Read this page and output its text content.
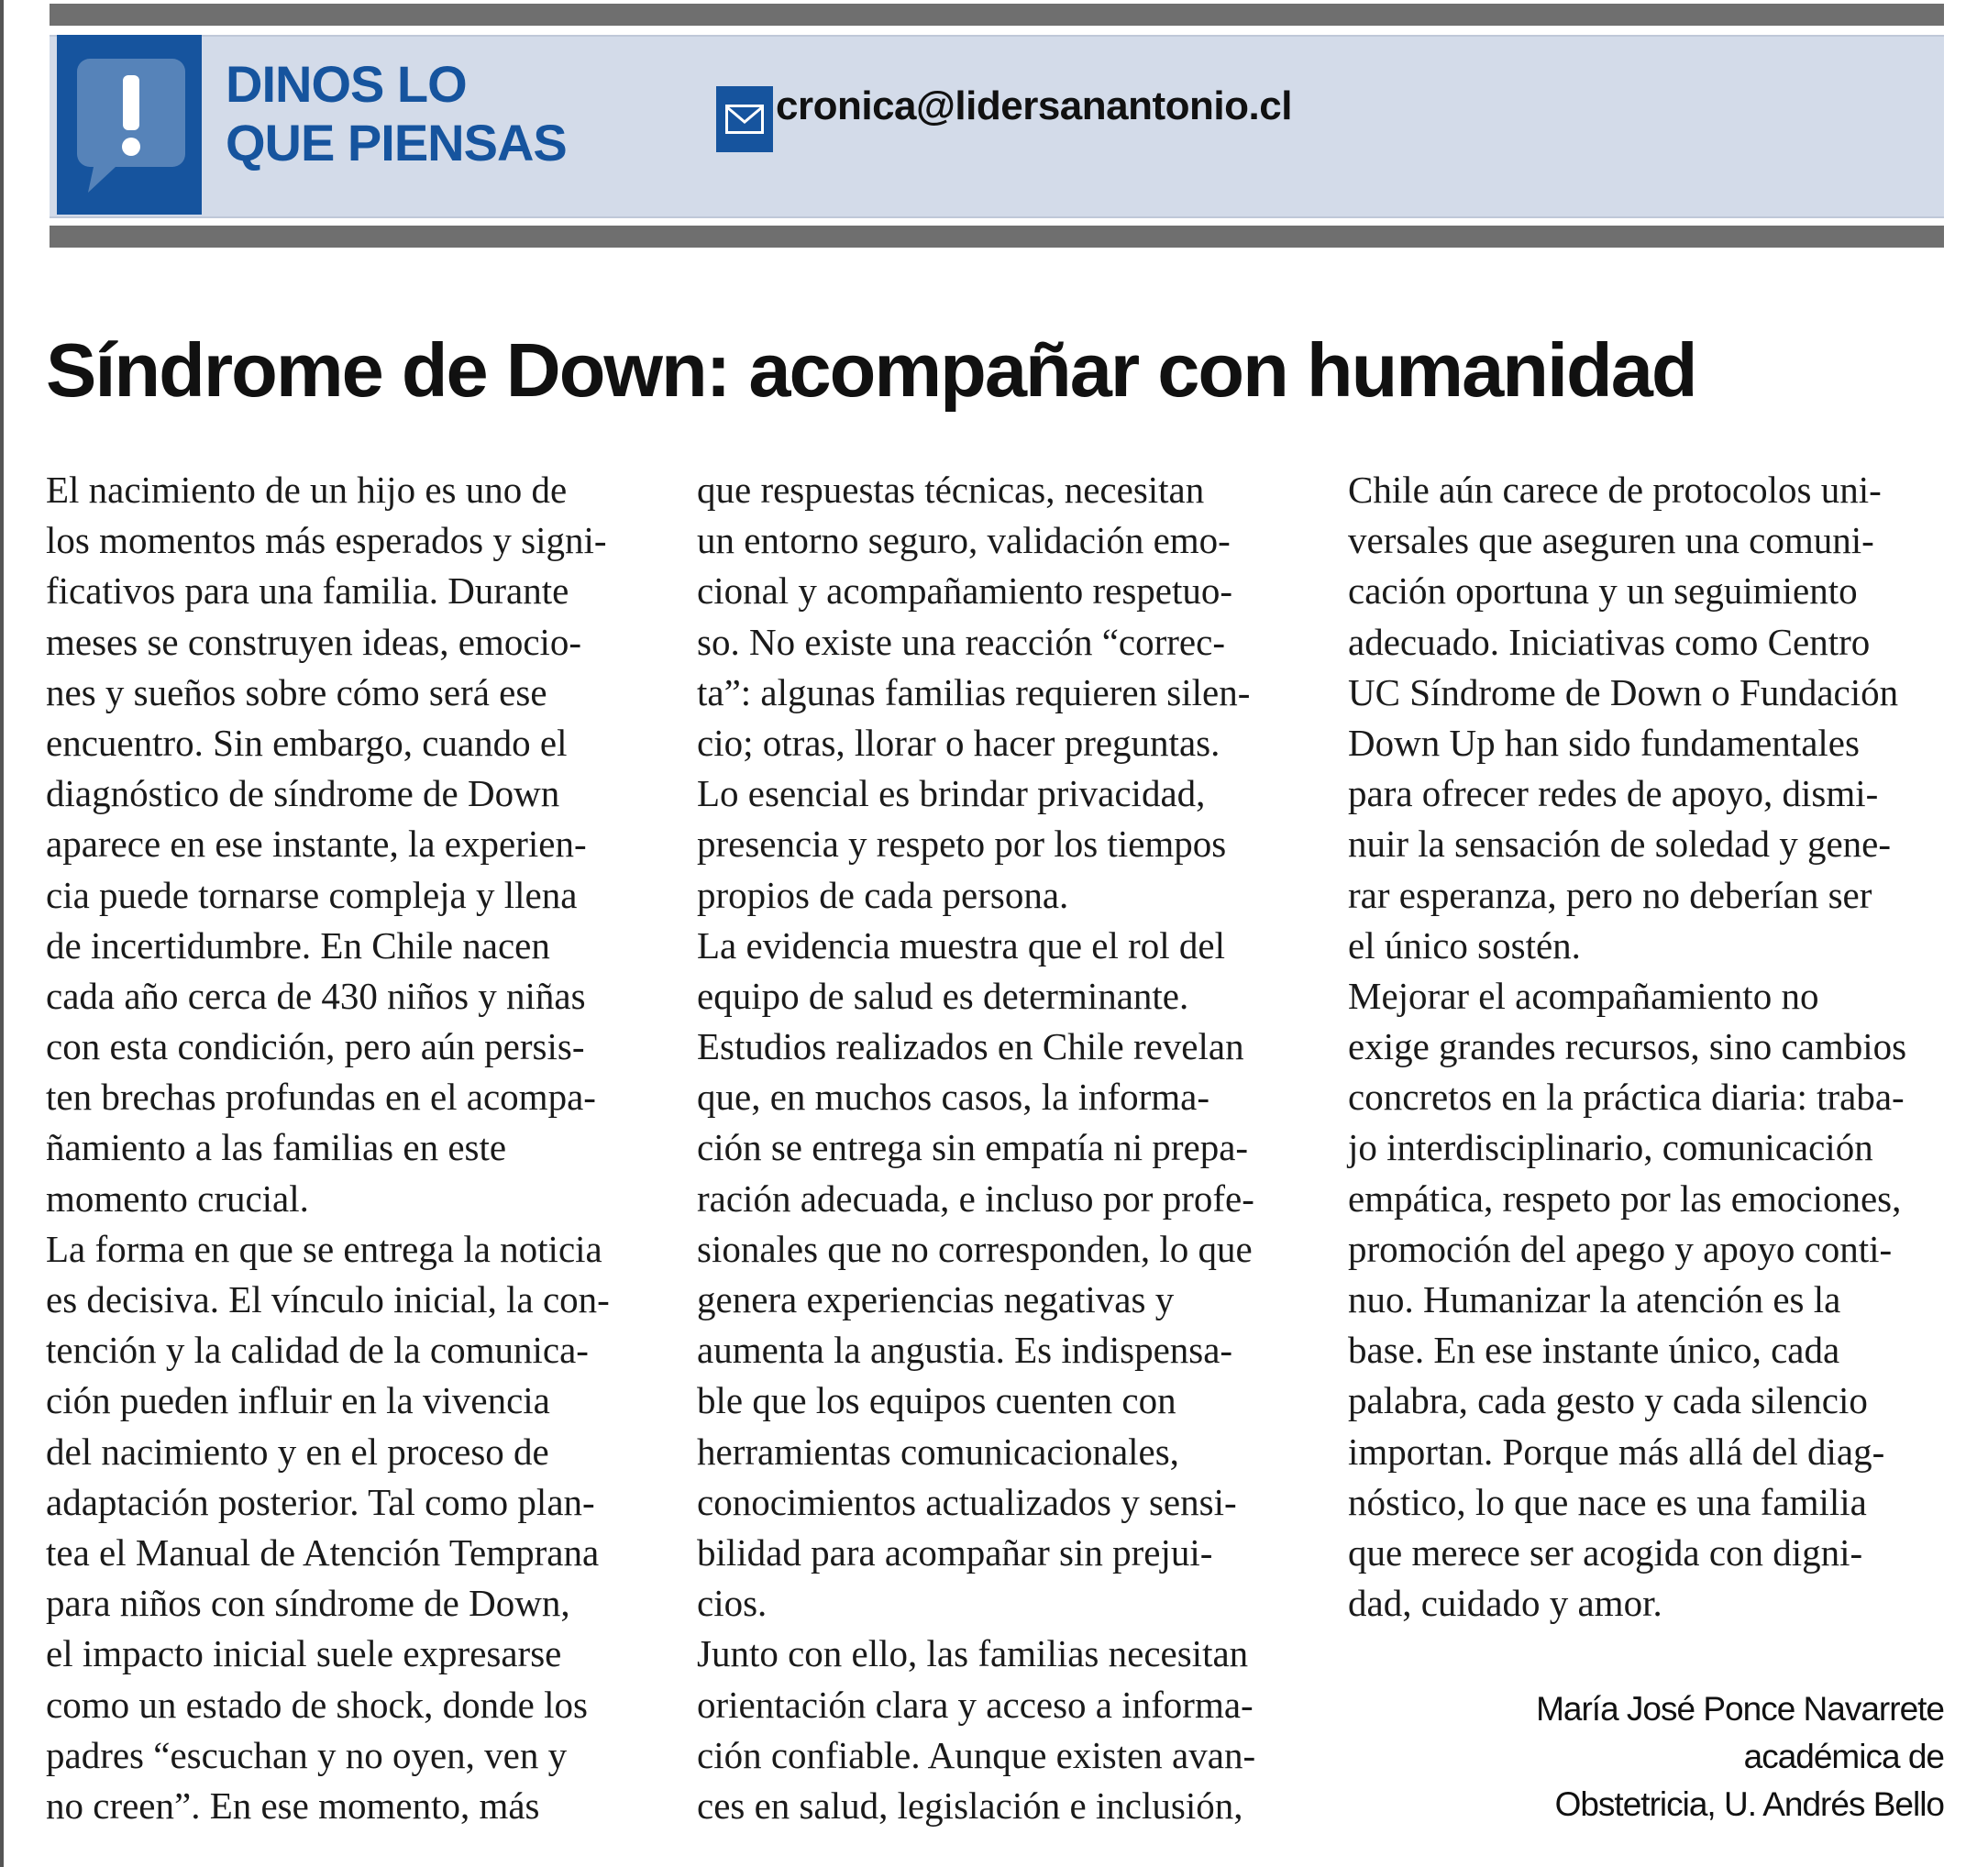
DINOS LO
QUE PIENSAS
cronica@lidersanantonio.cl
Síndrome de Down: acompañar con humanidad
El nacimiento de un hijo es uno de
los momentos más esperados y signi-
ficativos para una familia. Durante
meses se construyen ideas, emocio-
nes y sueños sobre cómo será ese
encuentro. Sin embargo, cuando el
diagnóstico de síndrome de Down
aparece en ese instante, la experien-
cia puede tornarse compleja y llena
de incertidumbre. En Chile nacen
cada año cerca de 430 niños y niñas
con esta condición, pero aún persis-
ten brechas profundas en el acompa-
ñamiento a las familias en este
momento crucial.
La forma en que se entrega la noticia
es decisiva. El vínculo inicial, la con-
tención y la calidad de la comunica-
ción pueden influir en la vivencia
del nacimiento y en el proceso de
adaptación posterior. Tal como plan-
tea el Manual de Atención Temprana
para niños con síndrome de Down,
el impacto inicial suele expresarse
como un estado de shock, donde los
padres “escuchan y no oyen, ven y
no creen”. En ese momento, más
que respuestas técnicas, necesitan
un entorno seguro, validación emo-
cional y acompañamiento respetuo-
so. No existe una reacción “correc-
ta”: algunas familias requieren silen-
cio; otras, llorar o hacer preguntas.
Lo esencial es brindar privacidad,
presencia y respeto por los tiempos
propios de cada persona.
La evidencia muestra que el rol del
equipo de salud es determinante.
Estudios realizados en Chile revelan
que, en muchos casos, la informa-
ción se entrega sin empatía ni prepa-
ración adecuada, e incluso por profe-
sionales que no corresponden, lo que
genera experiencias negativas y
aumenta la angustia. Es indispensa-
ble que los equipos cuenten con
herramientas comunicacionales,
conocimientos actualizados y sensi-
bilidad para acompañar sin prejui-
cios.
Junto con ello, las familias necesitan
orientación clara y acceso a informa-
ción confiable. Aunque existen avan-
ces en salud, legislación e inclusión,
Chile aún carece de protocolos uni-
versales que aseguren una comuni-
cación oportuna y un seguimiento
adecuado. Iniciativas como Centro
UC Síndrome de Down o Fundación
Down Up han sido fundamentales
para ofrecer redes de apoyo, dismi-
nuir la sensación de soledad y gene-
rar esperanza, pero no deberían ser
el único sostén.
Mejorar el acompañamiento no
exige grandes recursos, sino cambios
concretos en la práctica diaria: traba-
jo interdisciplinario, comunicación
empática, respeto por las emociones,
promoción del apego y apoyo conti-
nuo. Humanizar la atención es la
base. En ese instante único, cada
palabra, cada gesto y cada silencio
importan. Porque más allá del diag-
nóstico, lo que nace es una familia
que merece ser acogida con digni-
dad, cuidado y amor.
María José Ponce Navarrete
académica de
Obstetricia, U. Andrés Bello
